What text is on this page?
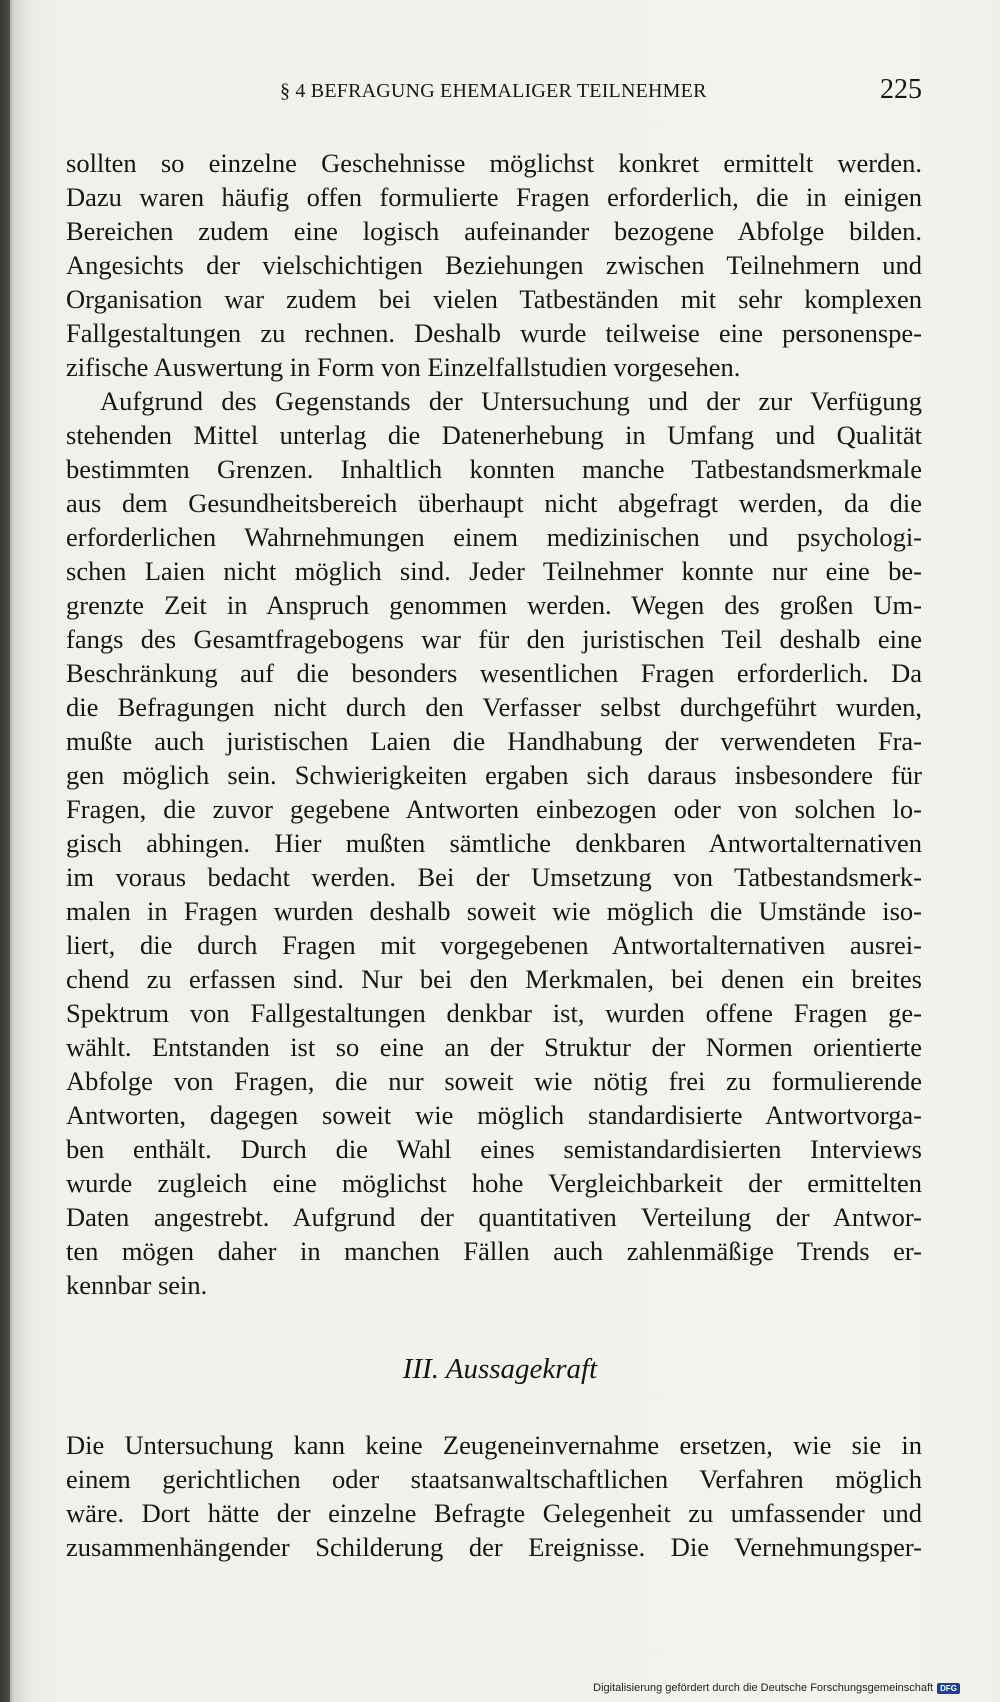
§ 4 BEFRAGUNG EHEMALIGER TEILNEHMER	225
sollten so einzelne Geschehnisse möglichst konkret ermittelt werden.
Dazu waren häufig offen formulierte Fragen erforderlich, die in einigen
Bereichen zudem eine logisch aufeinander bezogene Abfolge bilden.
Angesichts der vielschichtigen Beziehungen zwischen Teilnehmern und
Organisation war zudem bei vielen Tatbeständen mit sehr komplexen
Fallgestaltungen zu rechnen. Deshalb wurde teilweise eine personenspe-
zifische Auswertung in Form von Einzelfallstudien vorgesehen.
Aufgrund des Gegenstands der Untersuchung und der zur Verfügung
stehenden Mittel unterlag die Datenerhebung in Umfang und Qualität
bestimmten Grenzen. Inhaltlich konnten manche Tatbestandsmerkmale
aus dem Gesundheitsbereich überhaupt nicht abgefragt werden, da die
erforderlichen Wahrnehmungen einem medizinischen und psychologi-
schen Laien nicht möglich sind. Jeder Teilnehmer konnte nur eine be-
grenzte Zeit in Anspruch genommen werden. Wegen des großen Um-
fangs des Gesamtfragebogens war für den juristischen Teil deshalb eine
Beschränkung auf die besonders wesentlichen Fragen erforderlich. Da
die Befragungen nicht durch den Verfasser selbst durchgeführt wurden,
mußte auch juristischen Laien die Handhabung der verwendeten Fra-
gen möglich sein. Schwierigkeiten ergaben sich daraus insbesondere für
Fragen, die zuvor gegebene Antworten einbezogen oder von solchen lo-
gisch abhingen. Hier mußten sämtliche denkbaren Antwortalternativen
im voraus bedacht werden. Bei der Umsetzung von Tatbestandsmerk-
malen in Fragen wurden deshalb soweit wie möglich die Umstände iso-
liert, die durch Fragen mit vorgegebenen Antwortalternativen ausrei-
chend zu erfassen sind. Nur bei den Merkmalen, bei denen ein breites
Spektrum von Fallgestaltungen denkbar ist, wurden offene Fragen ge-
wählt. Entstanden ist so eine an der Struktur der Normen orientierte
Abfolge von Fragen, die nur soweit wie nötig frei zu formulierende
Antworten, dagegen soweit wie möglich standardisierte Antwortvorga-
ben enthält. Durch die Wahl eines semistandardisierten Interviews
wurde zugleich eine möglichst hohe Vergleichbarkeit der ermittelten
Daten angestrebt. Aufgrund der quantitativen Verteilung der Antwor-
ten mögen daher in manchen Fällen auch zahlenmäßige Trends er-
kennbar sein.
III. Aussagekraft
Die Untersuchung kann keine Zeugeneinvernahme ersetzen, wie sie in
einem gerichtlichen oder staatsanwaltschaftlichen Verfahren möglich
wäre. Dort hätte der einzelne Befragte Gelegenheit zu umfassender und
zusammenhängender Schilderung der Ereignisse. Die Vernehmungsper-
Digitalisierung gefördert durch die Deutsche Forschungsgemeinschaft DFG
